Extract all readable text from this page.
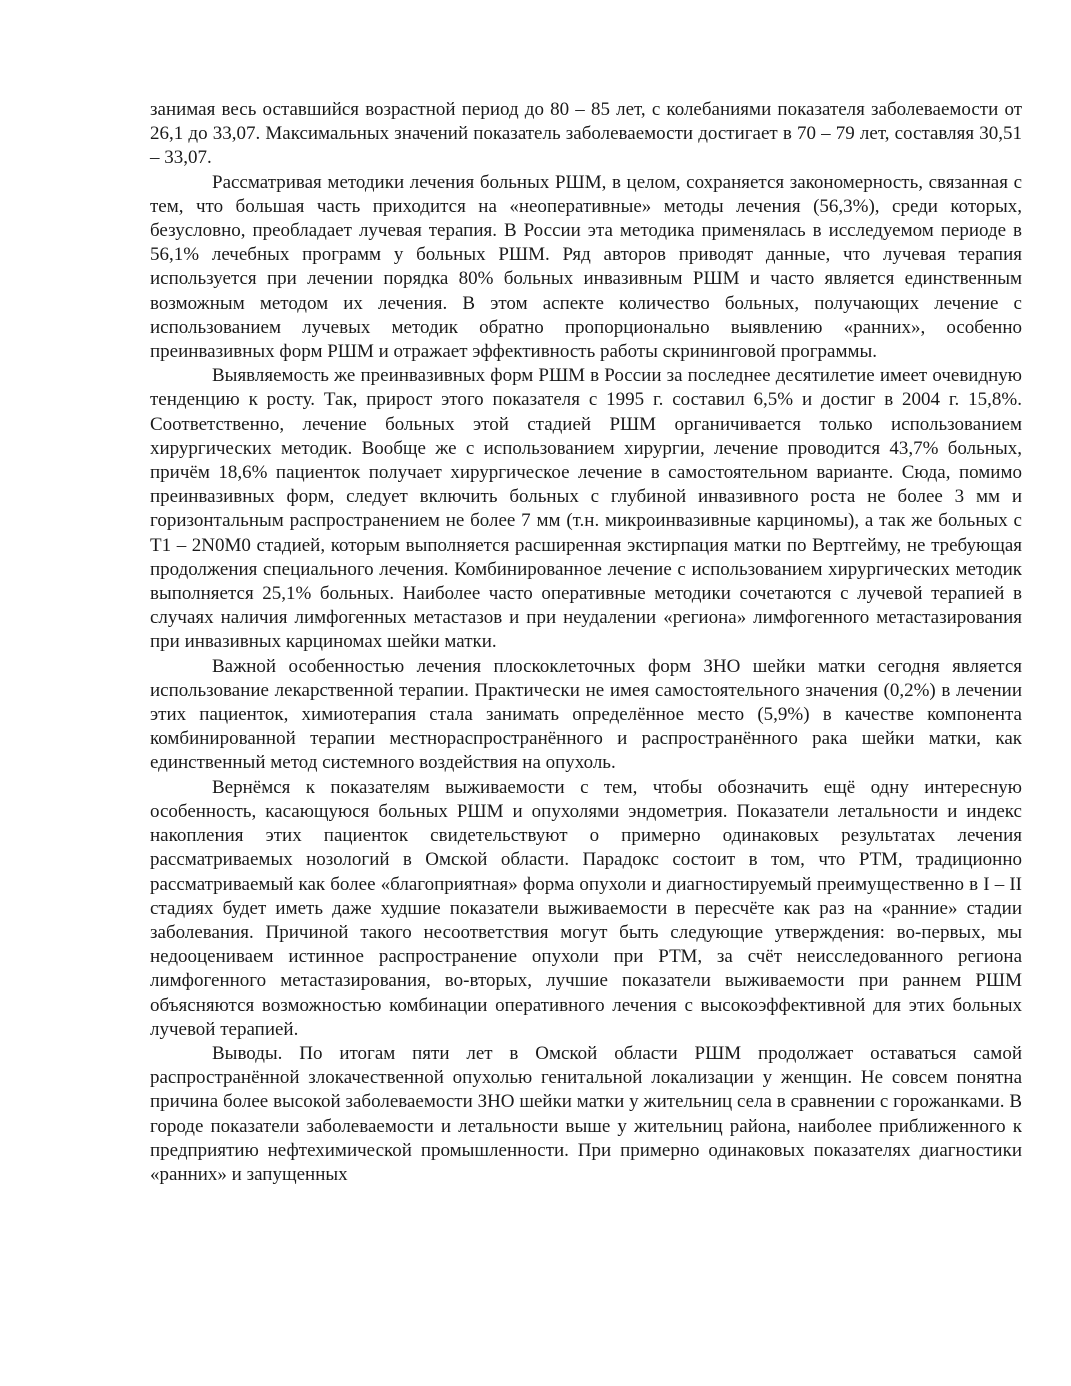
занимая весь оставшийся возрастной период до 80 – 85 лет, с колебаниями показателя заболеваемости от 26,1 до 33,07. Максимальных значений показатель заболеваемости достигает в 70 – 79 лет, составляя 30,51 – 33,07.

Рассматривая методики лечения больных РШМ, в целом, сохраняется закономерность, связанная с тем, что большая часть приходится на «неоперативные» методы лечения (56,3%), среди которых, безусловно, преобладает лучевая терапия. В России эта методика применялась в исследуемом периоде в 56,1% лечебных программ у больных РШМ. Ряд авторов приводят данные, что лучевая терапия используется при лечении порядка 80% больных инвазивным РШМ и часто является единственным возможным методом их лечения. В этом аспекте количество больных, получающих лечение с использованием лучевых методик обратно пропорционально выявлению «ранних», особенно преинвазивных форм РШМ и отражает эффективность работы скрининговой программы.

Выявляемость же преинвазивных форм РШМ в России за последнее десятилетие имеет очевидную тенденцию к росту. Так, прирост этого показателя с 1995 г. составил 6,5% и достиг в 2004 г. 15,8%. Соответственно, лечение больных этой стадией РШМ органичивается только использованием хирургических методик. Вообще же с использованием хирургии, лечение проводится 43,7% больных, причём 18,6% пациенток получает хирургическое лечение в самостоятельном варианте. Сюда, помимо преинвазивных форм, следует включить больных с глубиной инвазивного роста не более 3 мм и горизонтальным распространением не более 7 мм (т.н. микроинвазивные карциномы), а так же больных с Т1 – 2N0M0 стадией, которым выполняется расширенная экстирпация матки по Вертгейму, не требующая продолжения специального лечения. Комбинированное лечение с использованием хирургических методик выполняется 25,1% больных. Наиболее часто оперативные методики сочетаются с лучевой терапией в случаях наличия лимфогенных метастазов и при неудалении «региона» лимфогенного метастазирования при инвазивных карциномах шейки матки.

Важной особенностью лечения плоскоклеточных форм ЗНО шейки матки сегодня является использование лекарственной терапии. Практически не имея самостоятельного значения (0,2%) в лечении этих пациенток, химиотерапия стала занимать определённое место (5,9%) в качестве компонента комбинированной терапии местнораспространённого и распространённого рака шейки матки, как единственный метод системного воздействия на опухоль.

Вернёмся к показателям выживаемости с тем, чтобы обозначить ещё одну интересную особенность, касающуюся больных РШМ и опухолями эндометрия. Показатели летальности и индекс накопления этих пациенток свидетельствуют о примерно одинаковых результатах лечения рассматриваемых нозологий в Омской области. Парадокс состоит в том, что РТМ, традиционно рассматриваемый как более «благоприятная» форма опухоли и диагностируемый преимущественно в I – II стадиях будет иметь даже худшие показатели выживаемости в пересчёте как раз на «ранние» стадии заболевания. Причиной такого несоответствия могут быть следующие утверждения: во-первых, мы недооцениваем истинное распространение опухоли при РТМ, за счёт неисследованного региона лимфогенного метастазирования, во-вторых, лучшие показатели выживаемости при раннем РШМ объясняются возможностью комбинации оперативного лечения с высокоэффективной для этих больных лучевой терапией.

Выводы. По итогам пяти лет в Омской области РШМ продолжает оставаться самой распространённой злокачественной опухолью генитальной локализации у женщин. Не совсем понятна причина более высокой заболеваемости ЗНО шейки матки у жительниц села в сравнении с горожанками. В городе показатели заболеваемости и летальности выше у жительниц района, наиболее приближенного к предприятию нефтехимической промышленности. При примерно одинаковых показателях диагностики «ранних» и запущенных
